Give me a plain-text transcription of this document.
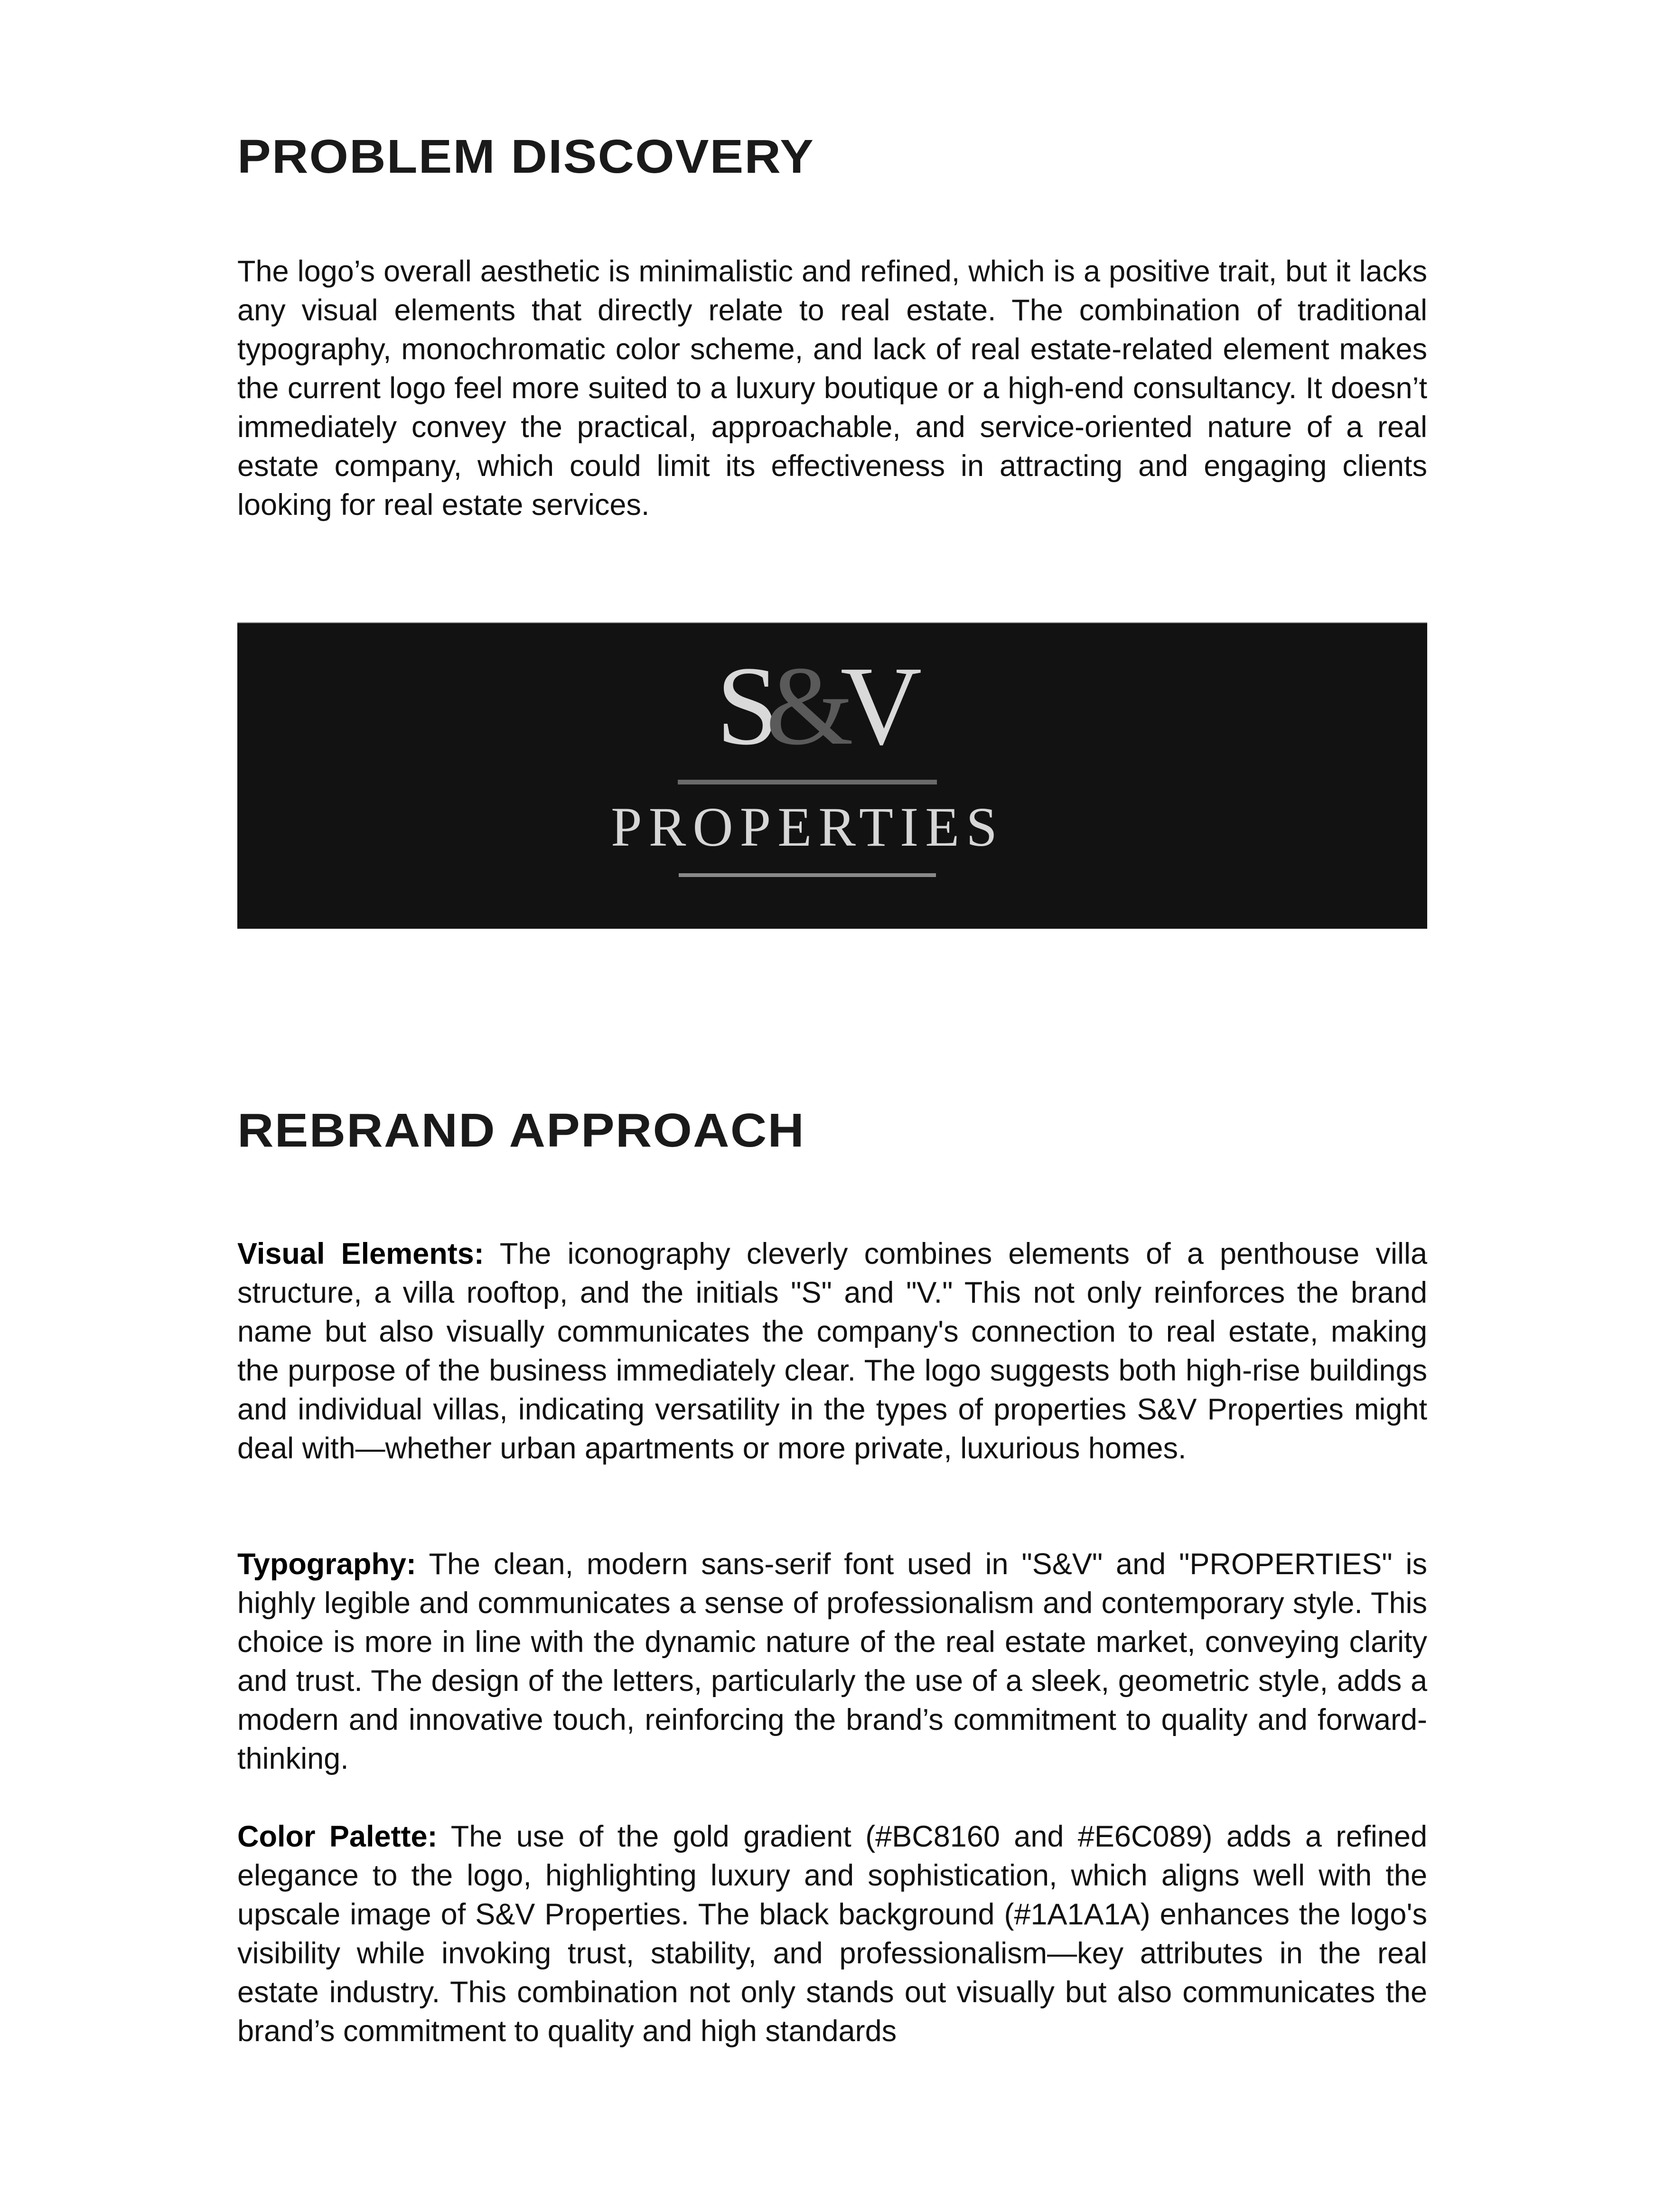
PROBLEM DISCOVERY

The logo’s overall aesthetic is minimalistic and refined, which is a positive trait, but it lacks any visual elements that directly relate to real estate. The combination of traditional typography, monochromatic color scheme, and lack of real estate-related element makes the current logo feel more suited to a luxury boutique or a high-end consultancy. It doesn’t immediately convey the practical, approachable, and service-oriented nature of a real estate company, which could limit its effectiveness in attracting and engaging clients looking for real estate services.

S&V
PROPERTIES
REBRAND APPROACH

Visual Elements: The iconography cleverly combines elements of a penthouse villa structure, a villa rooftop, and the initials "S" and "V." This not only reinforces the brand name but also visually communicates the company's connection to real estate, making the purpose of the business immediately clear. The logo suggests both high-rise buildings and individual villas, indicating versatility in the types of properties S&V Properties might deal with—whether urban apartments or more private, luxurious homes.

Typography: The clean, modern sans-serif font used in "S&V" and "PROPERTIES" is highly legible and communicates a sense of professionalism and contemporary style. This choice is more in line with the dynamic nature of the real estate market, conveying clarity and trust. The design of the letters, particularly the use of a sleek, geometric style, adds a modern and innovative touch, reinforcing the brand’s commitment to quality and forward-thinking.

Color Palette: The use of the gold gradient (#BC8160 and #E6C089) adds a refined elegance to the logo, highlighting luxury and sophistication, which aligns well with the upscale image of S&V Properties. The black background (#1A1A1A) enhances the logo's visibility while invoking trust, stability, and professionalism—key attributes in the real estate industry. This combination not only stands out visually but also communicates the brand’s commitment to quality and high standards
